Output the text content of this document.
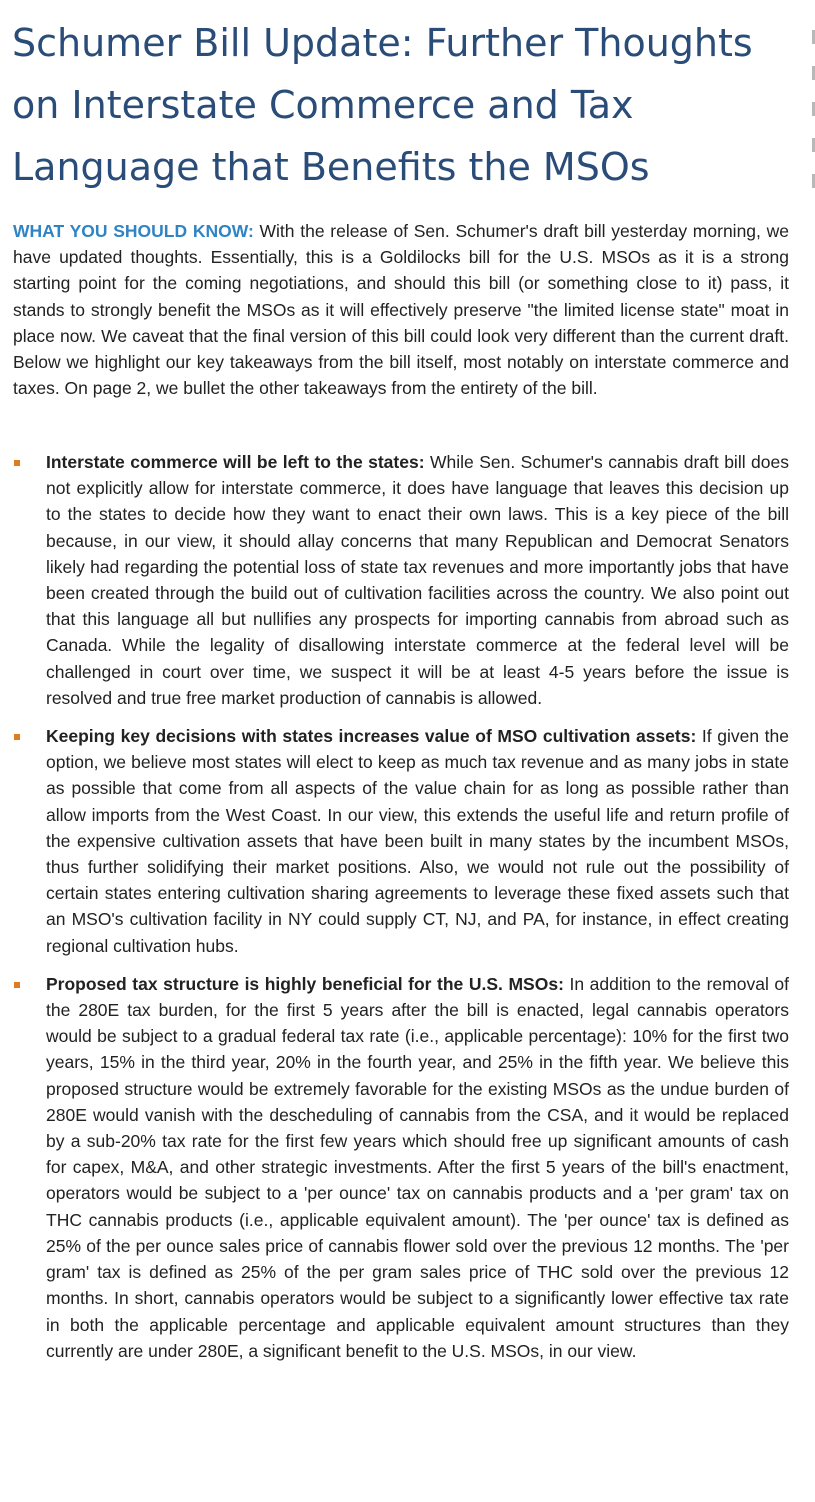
Schumer Bill Update: Further Thoughts on Interstate Commerce and Tax Language that Benefits the MSOs

WHAT YOU SHOULD KNOW: With the release of Sen. Schumer's draft bill yesterday morning, we have updated thoughts. Essentially, this is a Goldilocks bill for the U.S. MSOs as it is a strong starting point for the coming negotiations, and should this bill (or something close to it) pass, it stands to strongly benefit the MSOs as it will effectively preserve "the limited license state" moat in place now. We caveat that the final version of this bill could look very different than the current draft. Below we highlight our key takeaways from the bill itself, most notably on interstate commerce and taxes. On page 2, we bullet the other takeaways from the entirety of the bill.

Interstate commerce will be left to the states: While Sen. Schumer's cannabis draft bill does not explicitly allow for interstate commerce, it does have language that leaves this decision up to the states to decide how they want to enact their own laws. This is a key piece of the bill because, in our view, it should allay concerns that many Republican and Democrat Senators likely had regarding the potential loss of state tax revenues and more importantly jobs that have been created through the build out of cultivation facilities across the country. We also point out that this language all but nullifies any prospects for importing cannabis from abroad such as Canada. While the legality of disallowing interstate commerce at the federal level will be challenged in court over time, we suspect it will be at least 4-5 years before the issue is resolved and true free market production of cannabis is allowed.
Keeping key decisions with states increases value of MSO cultivation assets: If given the option, we believe most states will elect to keep as much tax revenue and as many jobs in state as possible that come from all aspects of the value chain for as long as possible rather than allow imports from the West Coast. In our view, this extends the useful life and return profile of the expensive cultivation assets that have been built in many states by the incumbent MSOs, thus further solidifying their market positions. Also, we would not rule out the possibility of certain states entering cultivation sharing agreements to leverage these fixed assets such that an MSO's cultivation facility in NY could supply CT, NJ, and PA, for instance, in effect creating regional cultivation hubs.
Proposed tax structure is highly beneficial for the U.S. MSOs: In addition to the removal of the 280E tax burden, for the first 5 years after the bill is enacted, legal cannabis operators would be subject to a gradual federal tax rate (i.e., applicable percentage): 10% for the first two years, 15% in the third year, 20% in the fourth year, and 25% in the fifth year. We believe this proposed structure would be extremely favorable for the existing MSOs as the undue burden of 280E would vanish with the descheduling of cannabis from the CSA, and it would be replaced by a sub-20% tax rate for the first few years which should free up significant amounts of cash for capex, M&A, and other strategic investments. After the first 5 years of the bill's enactment, operators would be subject to a 'per ounce' tax on cannabis products and a 'per gram' tax on THC cannabis products (i.e., applicable equivalent amount). The 'per ounce' tax is defined as 25% of the per ounce sales price of cannabis flower sold over the previous 12 months. The 'per gram' tax is defined as 25% of the per gram sales price of THC sold over the previous 12 months. In short, cannabis operators would be subject to a significantly lower effective tax rate in both the applicable percentage and applicable equivalent amount structures than they currently are under 280E, a significant benefit to the U.S. MSOs, in our view.
